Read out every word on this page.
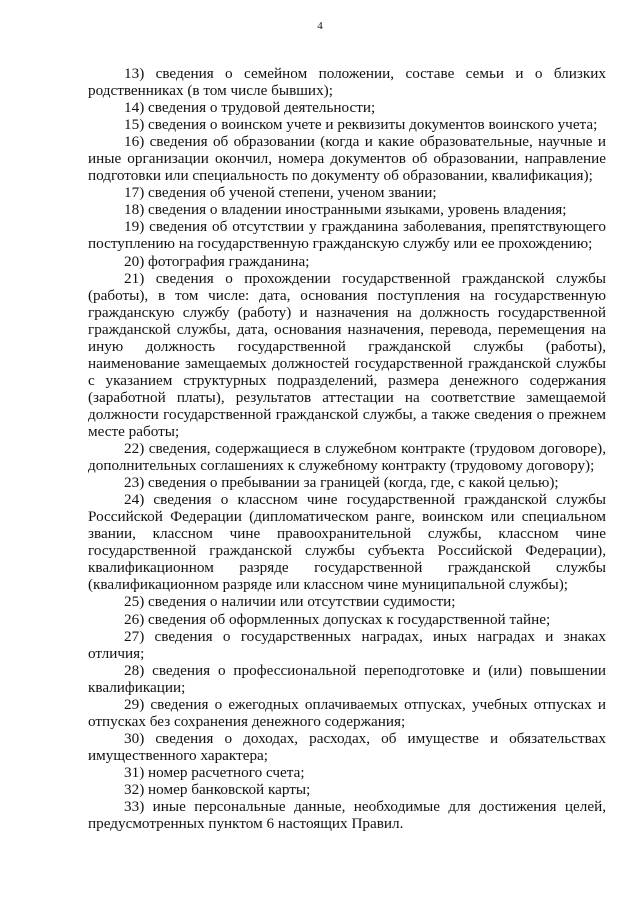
4

13) сведения о семейном положении, составе семьи и о близких родственниках (в том числе бывших);

14) сведения о трудовой деятельности;

15) сведения о воинском учете и реквизиты документов воинского учета;

16) сведения об образовании (когда и какие образовательные, научные и иные организации окончил, номера документов об образовании, направление подготовки или специальность по документу об образовании, квалификация);

17) сведения об ученой степени, ученом звании;

18) сведения о владении иностранными языками, уровень владения;

19) сведения об отсутствии у гражданина заболевания, препятствующего поступлению на государственную гражданскую службу или ее прохождению;

20) фотография гражданина;

21) сведения о прохождении государственной гражданской службы (работы), в том числе: дата, основания поступления на государственную гражданскую службу (работу) и назначения на должность государственной гражданской службы, дата, основания назначения, перевода, перемещения на иную должность государственной гражданской службы (работы), наименование замещаемых должностей государственной гражданской службы с указанием структурных подразделений, размера денежного содержания (заработной платы), результатов аттестации на соответствие замещаемой должности государственной гражданской службы, а также сведения о прежнем месте работы;

22) сведения, содержащиеся в служебном контракте (трудовом договоре), дополнительных соглашениях к служебному контракту (трудовому договору);

23) сведения о пребывании за границей (когда, где, с какой целью);

24) сведения о классном чине государственной гражданской службы Российской Федерации (дипломатическом ранге, воинском или специальном звании, классном чине правоохранительной службы, классном чине государственной гражданской службы субъекта Российской Федерации), квалификационном разряде государственной гражданской службы (квалификационном разряде или классном чине муниципальной службы);

25) сведения о наличии или отсутствии судимости;

26) сведения об оформленных допусках к государственной тайне;

27) сведения о государственных наградах, иных наградах и знаках отличия;

28) сведения о профессиональной переподготовке и (или) повышении квалификации;

29) сведения о ежегодных оплачиваемых отпусках, учебных отпусках и отпусках без сохранения денежного содержания;

30) сведения о доходах, расходах, об имуществе и обязательствах имущественного характера;

31) номер расчетного счета;

32) номер банковской карты;

33) иные персональные данные, необходимые для достижения целей, предусмотренных пунктом 6 настоящих Правил.
